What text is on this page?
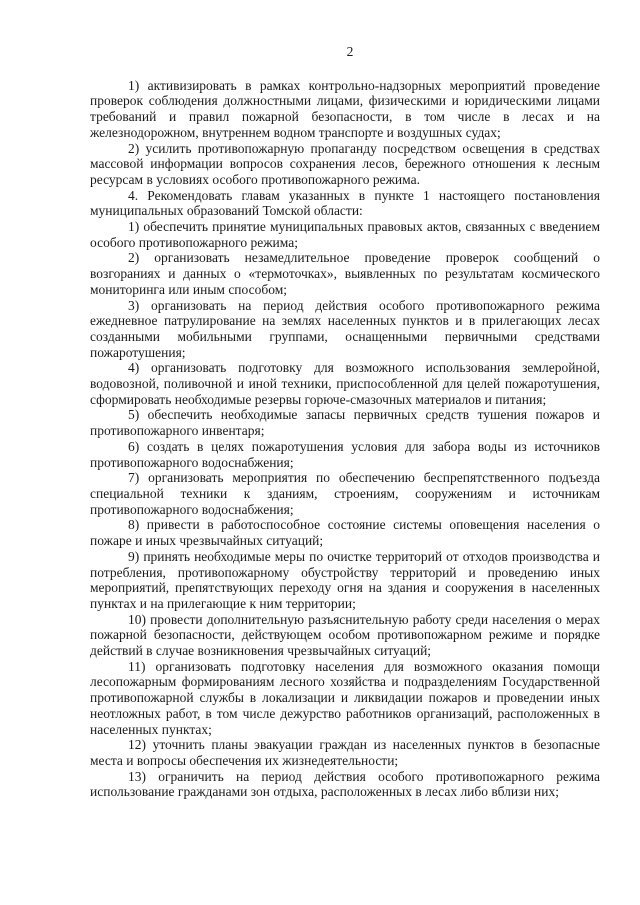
2

1) активизировать в рамках контрольно-надзорных мероприятий проведение проверок соблюдения должностными лицами, физическими и юридическими лицами требований и правил пожарной безопасности, в том числе в лесах и на железнодорожном, внутреннем водном транспорте и воздушных судах;

2) усилить противопожарную пропаганду посредством освещения в средствах массовой информации вопросов сохранения лесов, бережного отношения к лесным ресурсам в условиях особого противопожарного режима.

4. Рекомендовать главам указанных в пункте 1 настоящего постановления муниципальных образований Томской области:

1) обеспечить принятие муниципальных правовых актов, связанных с введением особого противопожарного режима;

2) организовать незамедлительное проведение проверок сообщений о возгораниях и данных о «термоточках», выявленных по результатам космического мониторинга или иным способом;

3) организовать на период действия особого противопожарного режима ежедневное патрулирование на землях населенных пунктов и в прилегающих лесах созданными мобильными группами, оснащенными первичными средствами пожаротушения;

4) организовать подготовку для возможного использования землеройной, водовозной, поливочной и иной техники, приспособленной для целей пожаротушения, сформировать необходимые резервы горюче-смазочных материалов и питания;

5) обеспечить необходимые запасы первичных средств тушения пожаров и противопожарного инвентаря;

6) создать в целях пожаротушения условия для забора воды из источников противопожарного водоснабжения;

7) организовать мероприятия по обеспечению беспрепятственного подъезда специальной техники к зданиям, строениям, сооружениям и источникам противопожарного водоснабжения;

8) привести в работоспособное состояние системы оповещения населения о пожаре и иных чрезвычайных ситуаций;

9) принять необходимые меры по очистке территорий от отходов производства и потребления, противопожарному обустройству территорий и проведению иных мероприятий, препятствующих переходу огня на здания и сооружения в населенных пунктах и на прилегающие к ним территории;

10) провести дополнительную разъяснительную работу среди населения о мерах пожарной безопасности, действующем особом противопожарном режиме и порядке действий в случае возникновения чрезвычайных ситуаций;

11) организовать подготовку населения для возможного оказания помощи лесопожарным формированиям лесного хозяйства и подразделениям Государственной противопожарной службы в локализации и ликвидации пожаров и проведении иных неотложных работ, в том числе дежурство работников организаций, расположенных в населенных пунктах;

12) уточнить планы эвакуации граждан из населенных пунктов в безопасные места и вопросы обеспечения их жизнедеятельности;

13) ограничить на период действия особого противопожарного режима использование гражданами зон отдыха, расположенных в лесах либо вблизи них;
